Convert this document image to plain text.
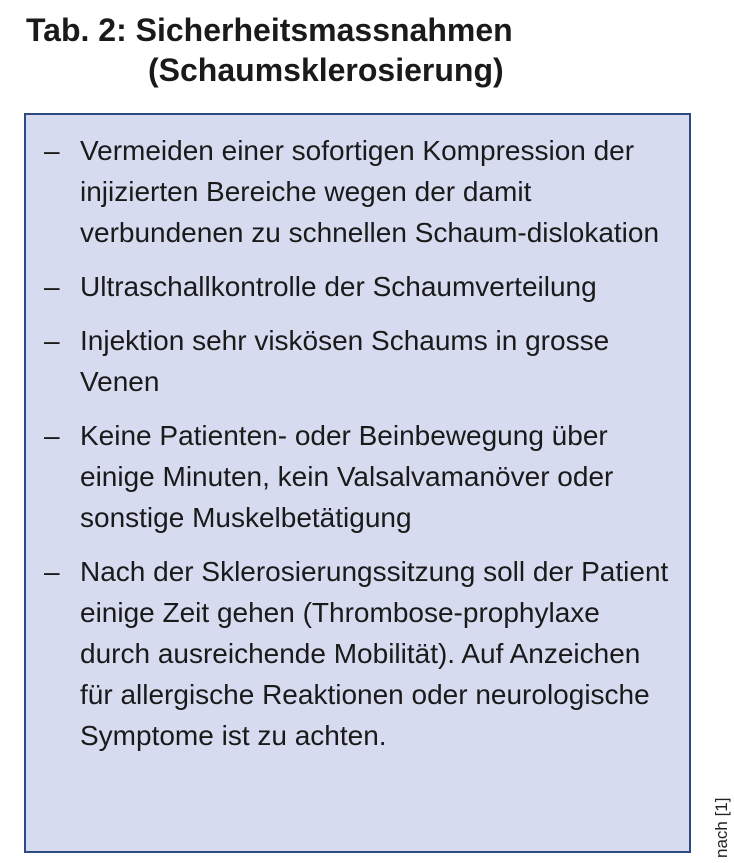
Tab. 2: Sicherheitsmassnahmen
(Schaumsklerosierung)
– Vermeiden einer sofortigen Kompression der injizierten Bereiche wegen der damit verbundenen zu schnellen Schaum-dislokation
– Ultraschallkontrolle der Schaumverteilung
– Injektion sehr viskösen Schaums in grosse Venen
– Keine Patienten- oder Beinbewegung über einige Minuten, kein Valsalvamanöver oder sonstige Muskelbetätigung
– Nach der Sklerosierungssitzung soll der Patient einige Zeit gehen (Thrombose-prophylaxe durch ausreichende Mobilität). Auf Anzeichen für allergische Reaktionen oder neurologische Symptome ist zu achten.
nach [1]
